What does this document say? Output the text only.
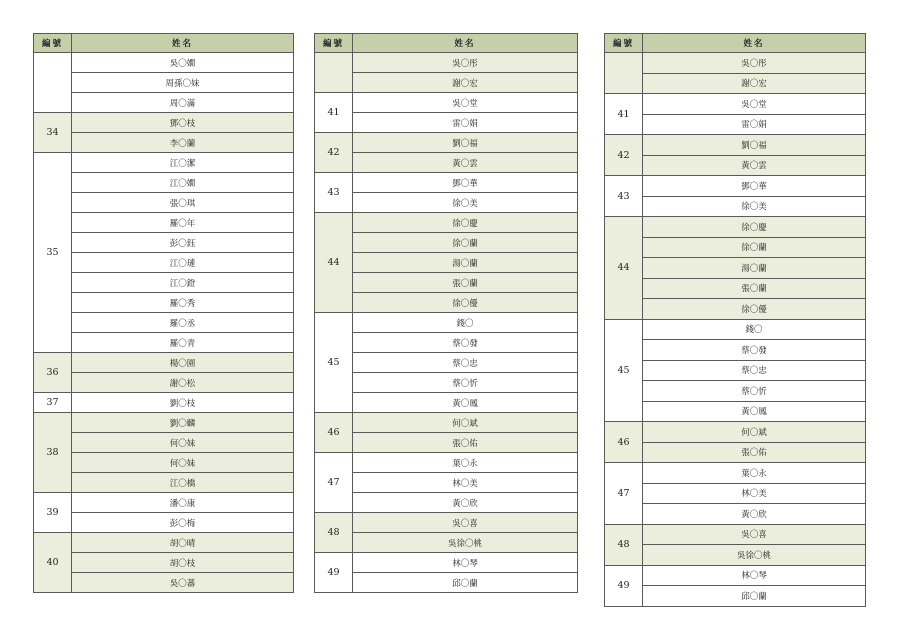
編號	姓名
	吳〇嫺
	周孫〇妹
	周〇滿
34	鄧〇枝
	李〇蘭
35	江〇潔
	江〇嫺
	張〇琪
	羅〇年
	彭〇鈺
	江〇璉
	江〇鐙
	羅〇秀
	羅〇丞
	羅〇青
36	楊〇園
	謝〇松
37	劉〇枝
38	劉〇麟
	何〇妹
	何〇妹
	江〇橋
39	潘〇康
	彭〇梅
40	胡〇晴
	胡〇枝
	吳〇蕃
編號	姓名
	吳〇彤
	謝〇宏
41	吳〇堂
	雷〇娟
42	劉〇福
	黃〇雲
43	鄧〇華
	徐〇美
44	徐〇慶
	徐〇蘭
	湯〇蘭
	張〇蘭
	徐〇優
45	錢〇
	蔡〇發
	蔡〇忠
	蔡〇忻
	黃〇鳳
46	何〇斌
	張〇佑
47	葉〇永
	林〇美
	黃〇欣
48	吳〇喜
	吳徐〇桃
49	林〇琴
	邱〇蘭
編號	姓名
	吳〇彤
	謝〇宏
41	吳〇堂
	雷〇娟
42	劉〇福
	黃〇雲
43	鄧〇華
	徐〇美
44	徐〇慶
	徐〇蘭
	湯〇蘭
	張〇蘭
	徐〇優
45	錢〇
	蔡〇發
	蔡〇忠
	蔡〇忻
	黃〇鳳
46	何〇斌
	張〇佑
47	葉〇永
	林〇美
	黃〇欣
48	吳〇喜
	吳徐〇桃
49	林〇琴
	邱〇蘭
